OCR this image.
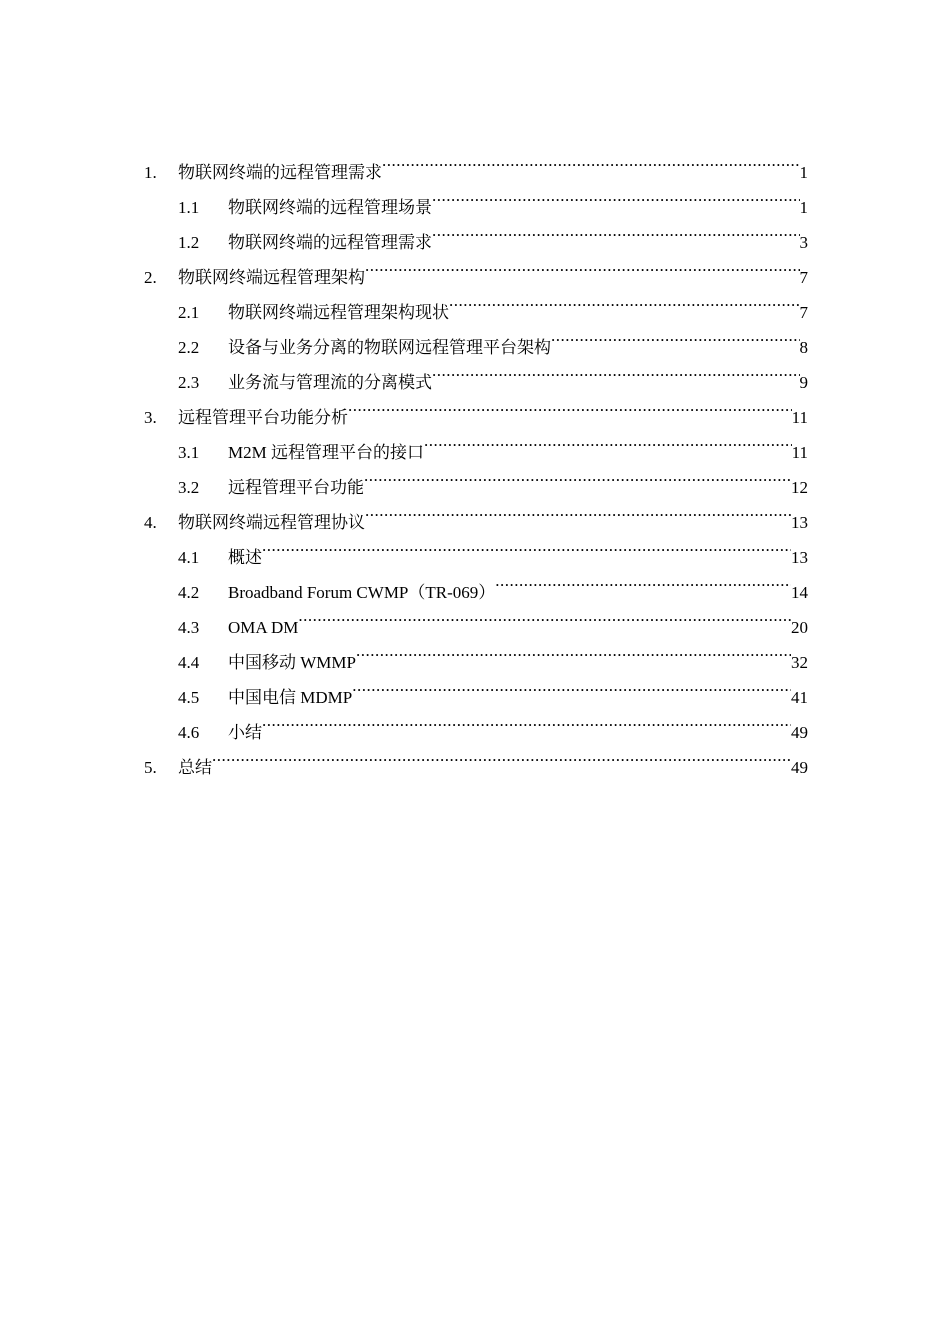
1.	物联网终端的远程管理需求 .....	1
1.1	物联网终端的远程管理场景 .....	1
1.2	物联网终端的远程管理需求 .....	3
2.	物联网终端远程管理架构 .....	7
2.1	物联网终端远程管理架构现状 .....	7
2.2	设备与业务分离的物联网远程管理平台架构 .....	8
2.3	业务流与管理流的分离模式 .....	9
3.	远程管理平台功能分析 .....	11
3.1	M2M 远程管理平台的接口 .....	11
3.2	远程管理平台功能 .....	12
4.	物联网终端远程管理协议 .....	13
4.1	概述 .....	13
4.2	Broadband Forum CWMP（TR-069） .....	14
4.3	OMA DM .....	20
4.4	中国移动 WMMP .....	32
4.5	中国电信 MDMP .....	41
4.6	小结 .....	49
5.	总结 .....	49
